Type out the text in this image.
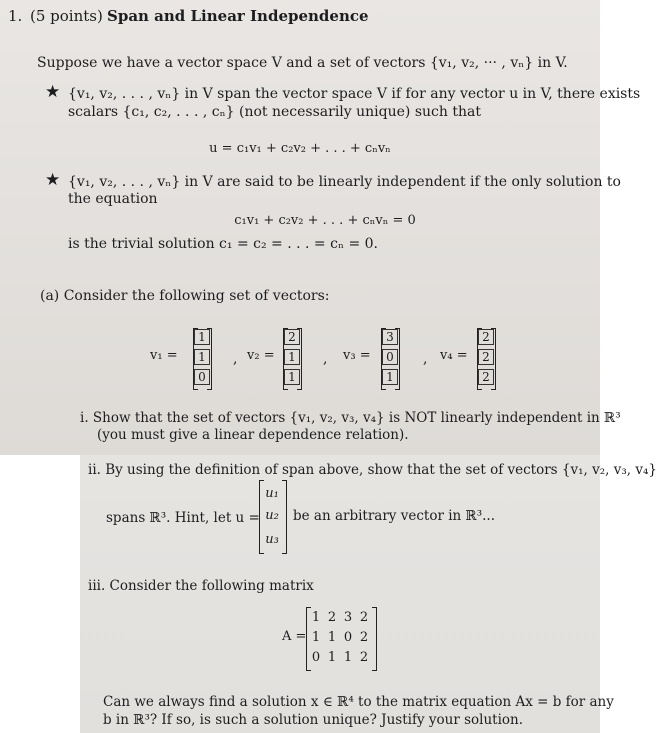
1. (5 points) Span and Linear Independence
Suppose we have a vector space V and a set of vectors {v₁, v₂, ··· , vₙ} in V.
★ {v₁, v₂, . . . , vₙ} in V span the vector space V if for any vector u in V, there exists
scalars {c₁, c₂, . . . , cₙ} (not necessarily unique) such that
u = c₁v₁ + c₂v₂ + . . . + cₙvₙ
★ {v₁, v₂, . . . , vₙ} in V are said to be linearly independent if the only solution to
the equation
c₁v₁ + c₂v₂ + . . . + cₙvₙ = 0
is the trivial solution c₁ = c₂ = . . . = cₙ = 0.
(a) Consider the following set of vectors:
v₁ =
1
1
0
, v₂ =
2
1
1
, v₃ =
3
0
1
, v₄ =
2
2
2
i. Show that the set of vectors {v₁, v₂, v₃, v₄} is NOT linearly independent in ℝ³
(you must give a linear dependence relation).
ii. By using the definition of span above, show that the set of vectors {v₁, v₂, v₃, v₄}
spans ℝ³. Hint, let u =
u₁
u₂
u₃
be an arbitrary vector in ℝ³...
iii. Consider the following matrix
A =
1 2 3 2
1 1 0 2
0 1 1 2
Can we always find a solution x ∈ ℝ⁴ to the matrix equation Ax = b for any
b in ℝ³? If so, is such a solution unique? Justify your solution.
